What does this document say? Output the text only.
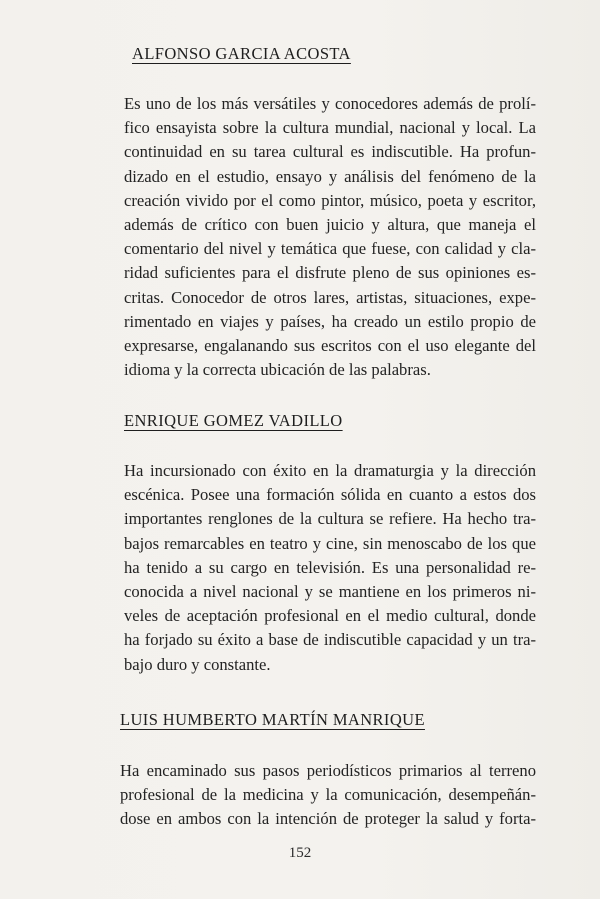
ALFONSO GARCIA ACOSTA
Es uno de los más versátiles y conocedores además de prolí-
fico ensayista sobre la cultura mundial, nacional y local. La
continuidad en su tarea cultural es indiscutible. Ha profun-
dizado en el estudio, ensayo y análisis del fenómeno de la
creación vivido por el como pintor, músico, poeta y escritor,
además de crítico con buen juicio y altura, que maneja el
comentario del nivel y temática que fuese, con calidad y cla-
ridad suficientes para el disfrute pleno de sus opiniones es-
critas. Conocedor de otros lares, artistas, situaciones, expe-
rimentado en viajes y países, ha creado un estilo propio de
expresarse, engalanando sus escritos con el uso elegante del
idioma y la correcta ubicación de las palabras.
ENRIQUE GOMEZ VADILLO
Ha incursionado con éxito en la dramaturgia y la dirección
escénica. Posee una formación sólida en cuanto a estos dos
importantes renglones de la cultura se refiere. Ha hecho tra-
bajos remarcables en teatro y cine, sin menoscabo de los que
ha tenido a su cargo en televisión. Es una personalidad re-
conocida a nivel nacional y se mantiene en los primeros ni-
veles de aceptación profesional en el medio cultural, donde
ha forjado su éxito a base de indiscutible capacidad y un tra-
bajo duro y constante.
LUIS HUMBERTO MARTÍN MANRIQUE
Ha encaminado sus pasos periodísticos primarios al terreno
profesional de la medicina y la comunicación, desempeñán-
dose en ambos con la intención de proteger la salud y forta-
152
